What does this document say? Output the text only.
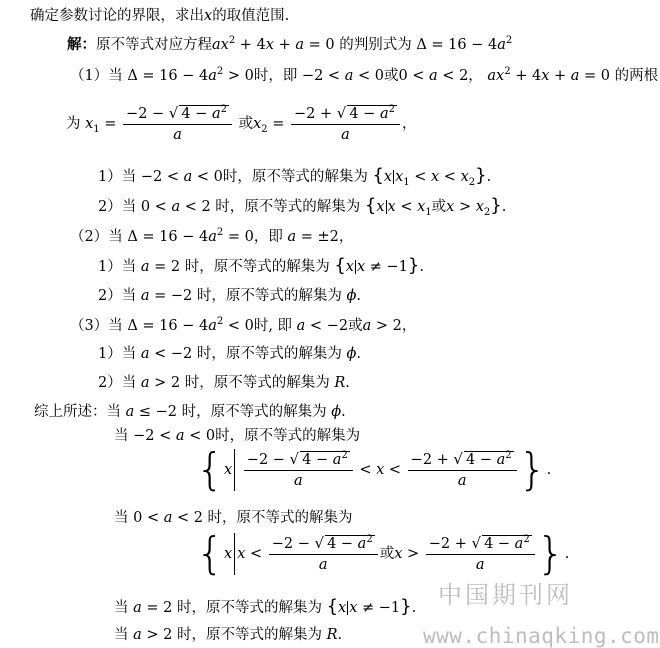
确定参数讨论的界限，求出x的取值范围.
解：原不等式对应方程$ax^2 + 4x + a = 0$ 的判别式为 $\Delta = 16 - 4a^2$
（1）当 $\Delta = 16 - 4a^2 > 0$时，即 −2 < a < 0或0 < a < 2， $ax^2 + 4x + a = 0$ 的两根
为 $x_1 = \frac{-2 - √ 4 - a^2}{a}$ 或$x_2 = \frac{-2 + √ 4 - a^2}{a}$ ，
1）当 −2 < a < 0时，原不等式的解集为 {x $x_1 < x < x_2$}.
2）当 0 < a < 2 时，原不等式的解集为 {x $x < x_1$或$x > x_2$}.
（2）当 $\Delta = 16 - 4a^2 = 0$，即 a = ±2，
1）当 a = 2 时，原不等式的解集为 {x x ≠ −1}.
2）当 a = −2 时，原不等式的解集为 ϕ.
（3）当 $\Delta = 16 - 4a^2 < 0$时, 即 a < −2或a > 2，
1）当 a < −2 时，原不等式的解集为 ϕ.
2）当 a > 2 时，原不等式的解集为 R.
综上所述：当 a ≤ −2 时，原不等式的解集为 ϕ.
当 −2 < a < 0时，原不等式的解集为
{$x \frac{-2 - √ 4 - a^2}{a} < x < \frac{-2 + √ 4 - a^2}{a}$ }.
当 0 < a < 2 时，原不等式的解集为
{x $x < \frac{-2 - √ 4 - a^2}{a}$ 或$x > \frac{-2 + √ 4 - a^2}{a}$ }.
当 a = 2 时，原不等式的解集为 {x x ≠ −1}.
当 a > 2 时，原不等式的解集为 R.
中国期刊网
www.chinaqking.com
